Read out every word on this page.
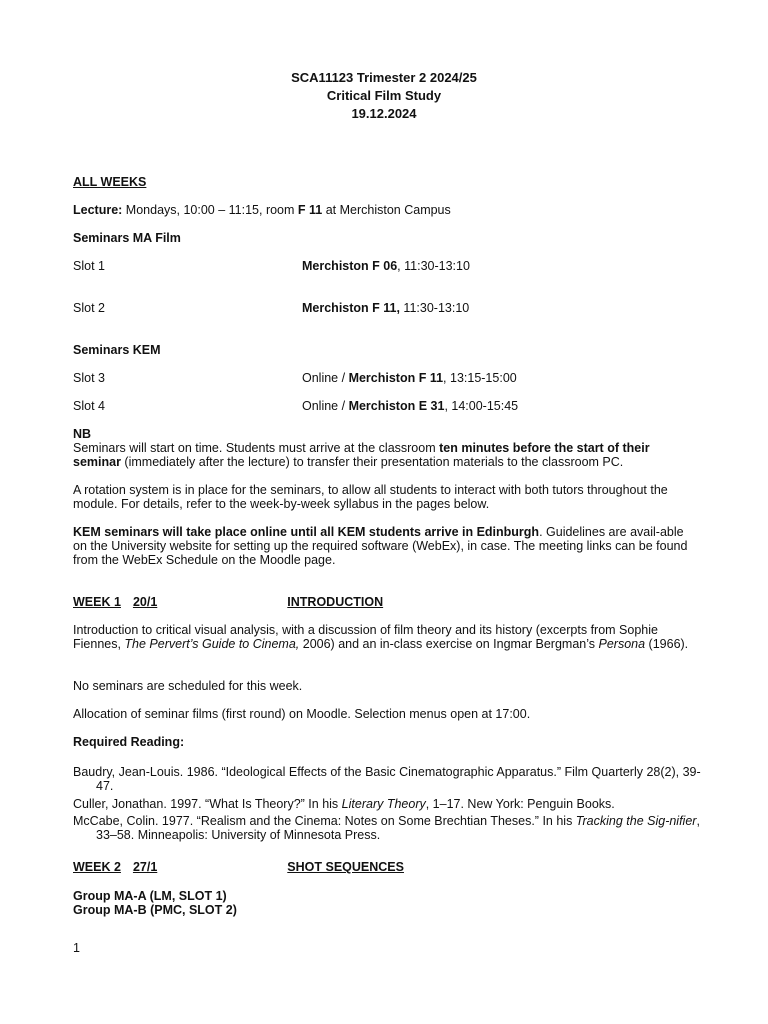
SCA11123 Trimester 2 2024/25
Critical Film Study
19.12.2024
ALL WEEKS
Lecture: Mondays, 10:00 – 11:15, room F 11 at Merchiston Campus
Seminars MA Film
Slot 1	Merchiston F 06, 11:30-13:10
Slot 2	Merchiston F 11, 11:30-13:10
Seminars KEM
Slot 3	Online / Merchiston F 11, 13:15-15:00
Slot 4	Online / Merchiston E 31, 14:00-15:45
NB
Seminars will start on time. Students must arrive at the classroom ten minutes before the start of their seminar (immediately after the lecture) to transfer their presentation materials to the classroom PC.
A rotation system is in place for the seminars, to allow all students to interact with both tutors throughout the module. For details, refer to the week-by-week syllabus in the pages below.
KEM seminars will take place online until all KEM students arrive in Edinburgh. Guidelines are avail-able on the University website for setting up the required software (WebEx), in case. The meeting links can be found from the WebEx Schedule on the Moodle page.
WEEK 1 20/1	INTRODUCTION
Introduction to critical visual analysis, with a discussion of film theory and its history (excerpts from Sophie Fiennes, The Pervert’s Guide to Cinema, 2006) and an in-class exercise on Ingmar Bergman’s Persona (1966).
No seminars are scheduled for this week.
Allocation of seminar films (first round) on Moodle. Selection menus open at 17:00.
Required Reading:
Baudry, Jean-Louis. 1986. “Ideological Effects of the Basic Cinematographic Apparatus.” Film Quarterly 28(2), 39-47.
Culler, Jonathan. 1997. “What Is Theory?” In his Literary Theory, 1–17. New York: Penguin Books.
McCabe, Colin. 1977. “Realism and the Cinema: Notes on Some Brechtian Theses.” In his Tracking the Sig-nifier, 33–58. Minneapolis: University of Minnesota Press.
WEEK 2 27/1	SHOT SEQUENCES
Group MA-A (LM, SLOT 1)
Group MA-B (PMC, SLOT 2)
1
